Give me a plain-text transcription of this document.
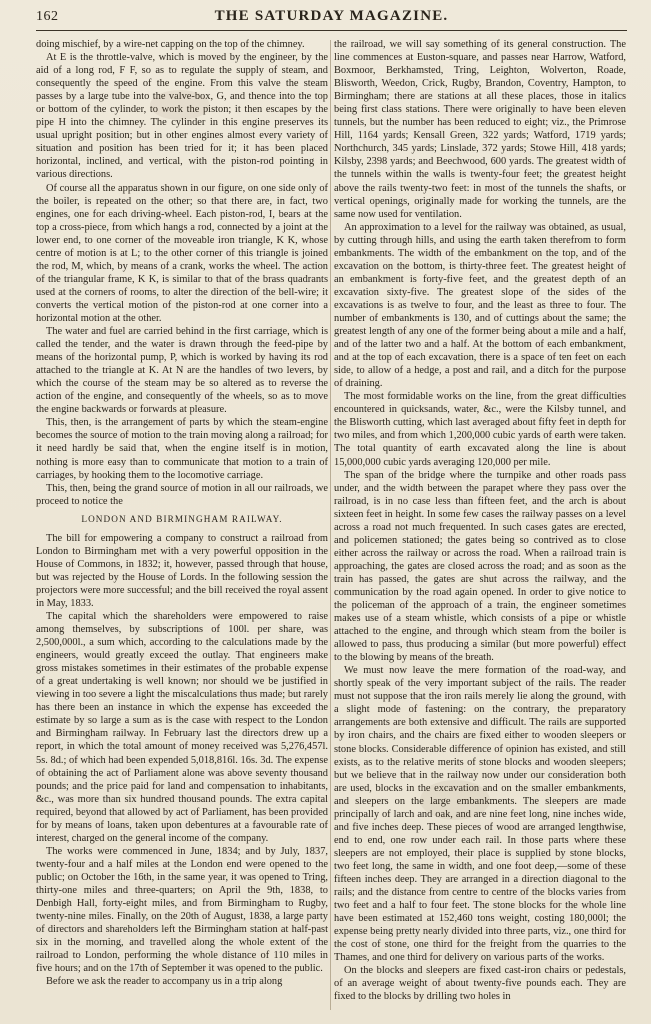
162	THE SATURDAY MAGAZINE.

doing mischief, by a wire-net capping on the top of the chimney.

At E is the throttle-valve, which is moved by the engineer, by the aid of a long rod, F F, so as to regulate the supply of steam, and consequently the speed of the engine. From this valve the steam passes by a large tube into the valve-box, G, and thence into the top or bottom of the cylinder, to work the piston; it then escapes by the pipe H into the chimney. The cylinder in this engine preserves its usual upright position; but in other engines almost every variety of situation and position has been tried for it; it has been placed horizontal, inclined, and vertical, with the piston-rod pointing in various directions.

Of course all the apparatus shown in our figure, on one side only of the boiler, is repeated on the other; so that there are, in fact, two engines, one for each driving-wheel. Each piston-rod, I, bears at the top a cross-piece, from which hangs a rod, connected by a joint at the lower end, to one corner of the moveable iron triangle, K K, whose centre of motion is at L; to the other corner of this triangle is joined the rod, M, which, by means of a crank, works the wheel. The action of the triangular frame, K K, is similar to that of the brass quadrants used at the corners of rooms, to alter the direction of the bell-wire; it converts the vertical motion of the piston-rod at one corner into a horizontal motion at the other.

The water and fuel are carried behind in the first carriage, which is called the tender, and the water is drawn through the feed-pipe by means of the horizontal pump, P, which is worked by having its rod attached to the triangle at K. At N are the handles of two levers, by which the course of the steam may be so altered as to reverse the action of the engine, and consequently of the wheels, so as to move the engine backwards or forwards at pleasure.

This, then, is the arrangement of parts by which the steam-engine becomes the source of motion to the train moving along a railroad; for it need hardly be said that, when the engine itself is in motion, nothing is more easy than to communicate that motion to a train of carriages, by hooking them to the locomotive carriage.

This, then, being the grand source of motion in all our railroads, we proceed to notice the

LONDON AND BIRMINGHAM RAILWAY.

The bill for empowering a company to construct a railroad from London to Birmingham met with a very powerful opposition in the House of Commons, in 1832; it, however, passed through that house, but was rejected by the House of Lords. In the following session the projectors were more successful; and the bill received the royal assent in May, 1833.

The capital which the shareholders were empowered to raise among themselves, by subscriptions of 100l. per share, was 2,500,000l., a sum which, according to the calculations made by the engineers, would greatly exceed the outlay. That engineers make gross mistakes sometimes in their estimates of the probable expense of a great undertaking is well known; nor should we be justified in viewing in too severe a light the miscalculations thus made; but rarely has there been an instance in which the expense has exceeded the estimate by so large a sum as is the case with respect to the London and Birmingham railway. In February last the directors drew up a report, in which the total amount of money received was 5,276,457l. 5s. 8d.; of which had been expended 5,018,816l. 16s. 3d. The expense of obtaining the act of Parliament alone was above seventy thousand pounds; and the price paid for land and compensation to inhabitants, &c., was more than six hundred thousand pounds. The extra capital required, beyond that allowed by act of Parliament, has been provided for by means of loans, taken upon debentures at a favourable rate of interest, charged on the general income of the company.

The works were commenced in June, 1834; and by July, 1837, twenty-four and a half miles at the London end were opened to the public; on October the 16th, in the same year, it was opened to Tring, thirty-one miles and three-quarters; on April the 9th, 1838, to Denbigh Hall, forty-eight miles, and from Birmingham to Rugby, twenty-nine miles. Finally, on the 20th of August, 1838, a large party of directors and shareholders left the Birmingham station at half-past six in the morning, and travelled along the whole extent of the railroad to London, performing the whole distance of 110 miles in five hours; and on the 17th of September it was opened to the public.

Before we ask the reader to accompany us in a trip along

the railroad, we will say something of its general construction. The line commences at Euston-square, and passes near Harrow, Watford, Boxmoor, Berkhamsted, Tring, Leighton, Wolverton, Roade, Blisworth, Weedon, Crick, Rugby, Brandon, Coventry, Hampton, to Birmingham; there are stations at all these places, those in italics being first class stations. There were originally to have been eleven tunnels, but the number has been reduced to eight; viz., the Primrose Hill, 1164 yards; Kensall Green, 322 yards; Watford, 1719 yards; Northchurch, 345 yards; Linslade, 372 yards; Stowe Hill, 418 yards; Kilsby, 2398 yards; and Beechwood, 600 yards. The greatest width of the tunnels within the walls is twenty-four feet; the greatest height above the rails twenty-two feet: in most of the tunnels the shafts, or vertical openings, originally made for working the tunnels, are the same now used for ventilation.

An approximation to a level for the railway was obtained, as usual, by cutting through hills, and using the earth taken therefrom to form embankments. The width of the embankment on the top, and of the excavation on the bottom, is thirty-three feet. The greatest height of an embankment is forty-five feet, and the greatest depth of an excavation sixty-five. The greatest slope of the sides of the excavations is as twelve to four, and the least as three to four. The number of embankments is 130, and of cuttings about the same; the greatest length of any one of the former being about a mile and a half, and of the latter two and a half. At the bottom of each embankment, and at the top of each excavation, there is a space of ten feet on each side, to allow of a hedge, a post and rail, and a ditch for the purpose of draining.

The most formidable works on the line, from the great difficulties encountered in quicksands, water, &c., were the Kilsby tunnel, and the Blisworth cutting, which last averaged about fifty feet in depth for two miles, and from which 1,200,000 cubic yards of earth were taken. The total quantity of earth excavated along the line is about 15,000,000 cubic yards averaging 120,000 per mile.

The span of the bridge where the turnpike and other roads pass under, and the width between the parapet where they pass over the railroad, is in no case less than fifteen feet, and the arch is about sixteen feet in height. In some few cases the railway passes on a level across a road not much frequented. In such cases gates are erected, and policemen stationed; the gates being so contrived as to close either across the railway or across the road. When a railroad train is approaching, the gates are closed across the road; and as soon as the train has passed, the gates are shut across the railway, and the communication by the road again opened. In order to give notice to the policeman of the approach of a train, the engineer sometimes makes use of a steam whistle, which consists of a pipe or whistle attached to the engine, and through which steam from the boiler is allowed to pass, thus producing a similar (but more powerful) effect to the blowing by means of the breath.

We must now leave the mere formation of the road-way, and shortly speak of the very important subject of the rails. The reader must not suppose that the iron rails merely lie along the ground, with a slight mode of fastening: on the contrary, the preparatory arrangements are both extensive and difficult. The rails are supported by iron chairs, and the chairs are fixed either to wooden sleepers or stone blocks. Considerable difference of opinion has existed, and still exists, as to the relative merits of stone blocks and wooden sleepers; but we believe that in the railway now under our consideration both are used, blocks in the excavation and on the smaller embankments, and sleepers on the large embankments. The sleepers are made principally of larch and oak, and are nine feet long, nine inches wide, and five inches deep. These pieces of wood are arranged lengthwise, end to end, one row under each rail. In those parts where these sleepers are not employed, their place is supplied by stone blocks, two feet long, the same in width, and one foot deep,—some of these fifteen inches deep. They are arranged in a direction diagonal to the rails; and the distance from centre to centre of the blocks varies from two feet and a half to four feet. The stone blocks for the whole line have been estimated at 152,460 tons weight, costing 180,000l; the expense being pretty nearly divided into three parts, viz., one third for the cost of stone, one third for the freight from the quarries to the Thames, and one third for delivery on various parts of the works.

On the blocks and sleepers are fixed cast-iron chairs or pedestals, of an average weight of about twenty-five pounds each. They are fixed to the blocks by drilling two holes in
